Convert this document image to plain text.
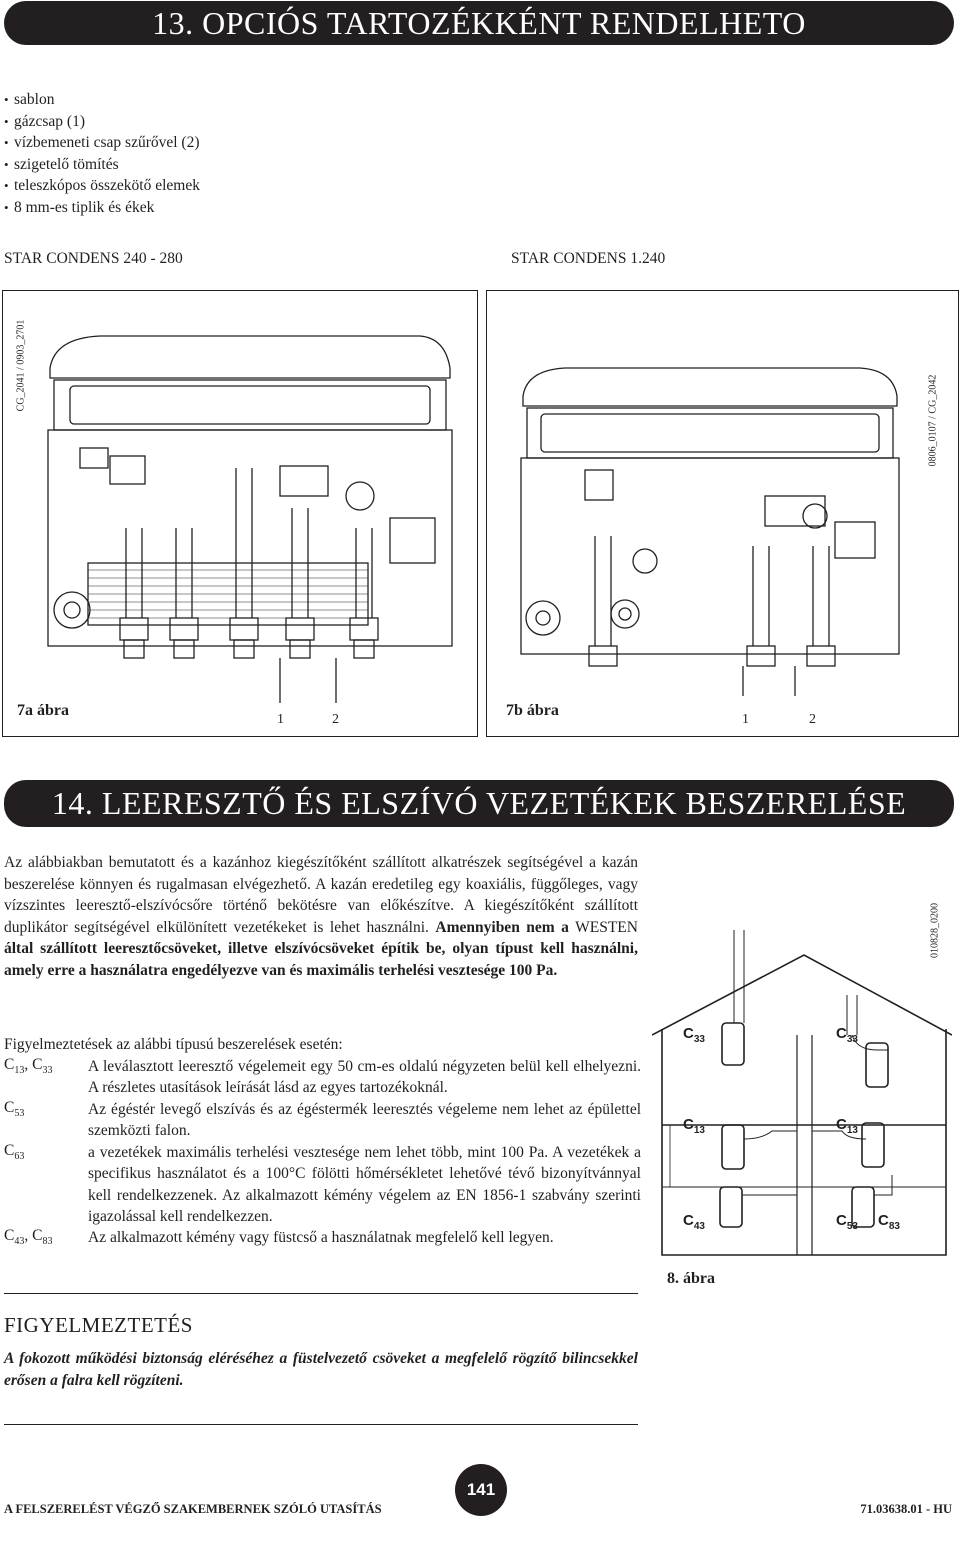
13. OPCIÓS TARTOZÉKKÉNT RENDELHETO
• sablon
• gázcsap (1)
• vízbemeneti csap szűrővel (2)
• szigetelő tömítés
• teleszkópos összekötő elemek
• 8 mm-es tiplik és ékek
STAR CONDENS 240 - 280	STAR CONDENS 1.240
CG_2041 / 0903_2701
7a ábra
1	2
0806_0107 / CG_2042
7b ábra
1	2
14. LEERESZTŐ ÉS ELSZÍVÓ VEZETÉKEK BESZERELÉSE
Az alábbiakban bemutatott és a kazánhoz kiegészítőként szállított alkatrészek segítségével a kazán beszerelése könnyen és rugalmasan elvégezhető. A kazán eredetileg egy koaxiális, függőleges, vagy vízszintes leeresztő-elszívócsőre történő bekötésre van előkészítve. A kiegészítőként szállított duplikátor segítségével elkülönített vezetékeket is lehet használni. Amennyiben nem a WESTEN által szállított leeresztőcsöveket, illetve elszívócsöveket építik be, olyan típust kell használni, amely erre a használatra engedélyezve van és maximális terhelési vesztesége 100 Pa.
Figyelmeztetések az alábbi típusú beszerelések esetén:
$C_{13}$, $C_{33}$ A leválasztott leeresztő végelemeit egy 50 cm-es oldalú négyzeten belül kell elhelyezni. A részletes utasítások leírását lásd az egyes tartozékoknál.
$C_{53}$	Az égéstér levegő elszívás és az égéstermék leeresztés végeleme nem lehet az épülettel szemközti falon.
$C_{63}$	a vezetékek maximális terhelési vesztesége nem lehet több, mint 100 Pa. A vezetékek a specifikus használatot és a 100°C fölötti hőmérsékletet lehetővé tévő bizonyítvánnyal kell rendelkezzenek. Az alkalmazott kémény végelem az EN 1856-1 szabvány szerinti igazolással kell rendelkezzen.
$C_{43}$, $C_{83}$ Az alkalmazott kémény vagy füstcső a használatnak megfelelő kell legyen.
010828_0200
$C_{33}$	$C_{33}$
$C_{13}$	$C_{13}$
$C_{43}$	$C_{53}$ $C_{83}$
8. ábra
FIGYELMEZTETÉS
A fokozott működési biztonság eléréséhez a füstelvezető csöveket a megfelelő rögzítő bilincsekkel erősen a falra kell rögzíteni.
A FELSZERELÉST VÉGZŐ SZAKEMBERNEK SZÓLÓ UTASÍTÁS
141
71.03638.01 - HU
